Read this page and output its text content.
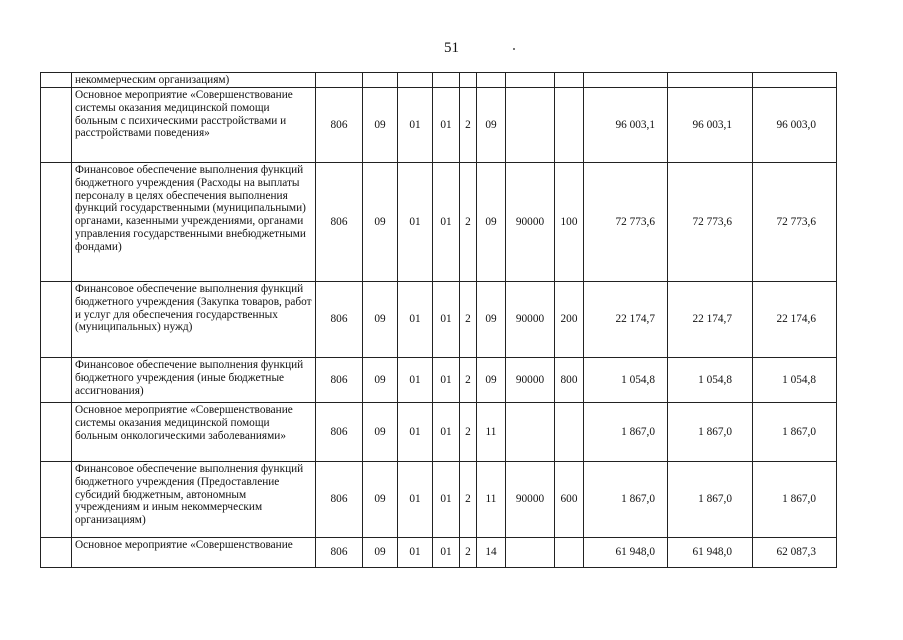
51
	некоммерческим организациям)											
	Основное мероприятие «Совершенствование системы оказания медицинской помощи больным с психическими расстройствами и расстройствами поведения»	806	09	01	01	2	09			96 003,1	96 003,1	96 003,0
	Финансовое обеспечение выполнения функций бюджетного учреждения (Расходы на выплаты персоналу в целях обеспечения выполнения функций государственными (муниципальными) органами, казенными учреждениями, органами управления государственными внебюджетными фондами)	806	09	01	01	2	09	90000	100	72 773,6	72 773,6	72 773,6
	Финансовое обеспечение выполнения функций бюджетного учреждения (Закупка товаров, работ и услуг для обеспечения государственных (муниципальных) нужд)	806	09	01	01	2	09	90000	200	22 174,7	22 174,7	22 174,6
	Финансовое обеспечение выполнения функций бюджетного учреждения (иные бюджетные ассигнования)	806	09	01	01	2	09	90000	800	1 054,8	1 054,8	1 054,8
	Основное мероприятие «Совершенствование системы оказания медицинской помощи больным онкологическими заболеваниями»	806	09	01	01	2	11			1 867,0	1 867,0	1 867,0
	Финансовое обеспечение выполнения функций бюджетного учреждения (Предоставление субсидий бюджетным, автономным учреждениям и иным некоммерческим организациям)	806	09	01	01	2	11	90000	600	1 867,0	1 867,0	1 867,0
	Основное мероприятие «Совершенствование	806	09	01	01	2	14			61 948,0	61 948,0	62 087,3
